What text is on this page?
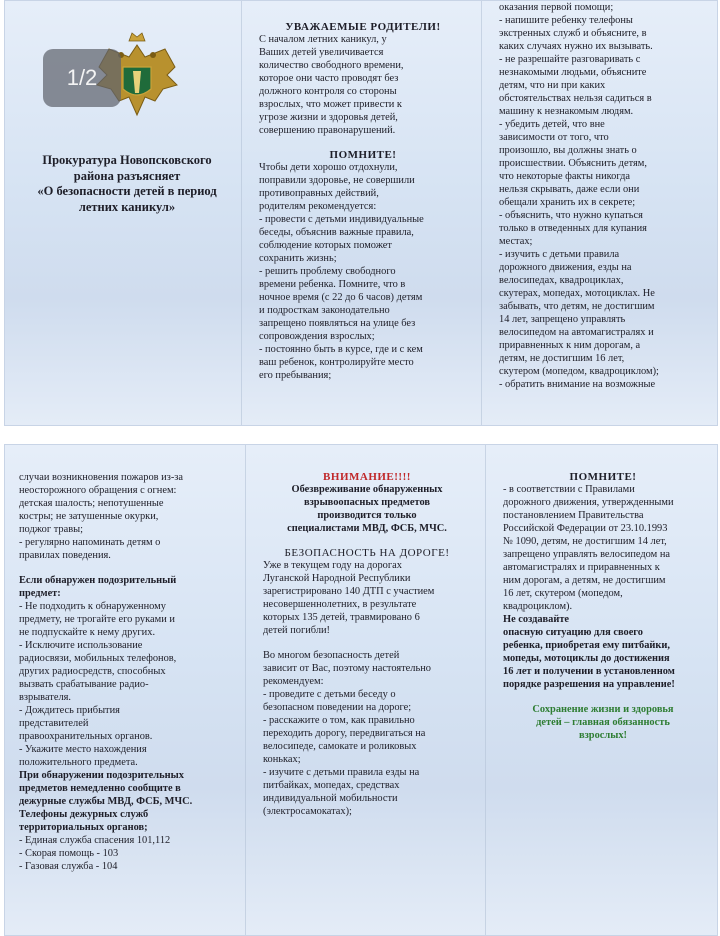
1/2
Прокуратура Новопсковского
района разъясняет
«О безопасности детей в период
летних каникул»
УВАЖАЕМЫЕ РОДИТЕЛИ!

С началом летних каникул, у

Ваших детей увеличивается

количество свободного времени,

которое они часто проводят без

должного контроля со стороны

взрослых, что может привести к

угрозе жизни и здоровья детей,

совершению правонарушений.

ПОМНИТЕ!

Чтобы дети хорошо отдохнули,

поправили здоровье, не совершили

противоправных действий,

родителям рекомендуется:

- провести с детьми индивидуальные

беседы, объяснив важные правила,

соблюдение которых поможет

сохранить жизнь;

- решить проблему свободного

времени ребенка. Помните, что в

ночное время (с 22 до 6 часов) детям

и подросткам законодательно

запрещено появляться на улице без

сопровождения взрослых;

- постоянно быть в курсе, где и с кем

ваш ребенок, контролируйте место

его пребывания;

оказания первой помощи;

- напишите ребенку телефоны

экстренных служб и объясните, в

каких случаях нужно их вызывать.

- не разрешайте разговаривать с

незнакомыми людьми, объясните

детям, что ни при каких

обстоятельствах нельзя садиться в

машину к незнакомым людям.

- убедить детей, что вне

зависимости от того, что

произошло, вы должны знать о

происшествии. Объяснить детям,

что некоторые факты никогда

нельзя скрывать, даже если они

обещали хранить их в секрете;

- объяснить, что нужно купаться

только в отведенных для купания

местах;

- изучить с детьми правила

дорожного движения, езды на

велосипедах, квадроциклах,

скутерах, мопедах, мотоциклах. Не

забывать, что детям, не достигшим

14 лет, запрещено управлять

велосипедом на автомагистралях и

приравненных к ним дорогам, а

детям, не достигшим 16 лет,

скутером (мопедом, квадроциклом);

- обратить внимание на возможные

случаи возникновения пожаров из-за

неосторожного обращения с огнем:

детская шалость; непотушенные

костры; не затушенные окурки,

поджог травы;

- регулярно напоминать детям о

правилах поведения.

Если обнаружен подозрительный

предмет:

- Не подходить к обнаруженному

предмету, не трогайте его руками и

не подпускайте к нему других.

- Исключите использование

радиосвязи, мобильных телефонов,

других радиосредств, способных

вызвать срабатывание радио-

взрывателя.

- Дождитесь прибытия

представителей

правоохранительных органов.

- Укажите место нахождения

положительного предмета.

При обнаружении подозрительных

предметов немедленно сообщите в

дежурные службы МВД, ФСБ, МЧС.

Телефоны дежурных служб

территориальных органов;

- Единая служба спасения 101,112

- Скорая помощь - 103

- Газовая служба - 104

ВНИМАНИЕ!!!!

Обезвреживание обнаруженных

взрывоопасных предметов

производится только

специалистами МВД, ФСБ, МЧС.

БЕЗОПАСНОСТЬ НА ДОРОГЕ!

Уже в текущем году на дорогах

Луганской Народной Республики

зарегистрировано 140 ДТП с участием

несовершеннолетних, в результате

которых 135 детей, травмировано 6

детей погибли!

Во многом безопасность детей

зависит от Вас, поэтому настоятельно

рекомендуем:

- проведите с детьми беседу о

безопасном поведении на дороге;

- расскажите о том, как правильно

переходить дорогу, передвигаться на

велосипеде, самокате и роликовых

коньках;

- изучите с детьми правила езды на

питбайках, мопедах, средствах

индивидуальной мобильности

(электросамокатах);

ПОМНИТЕ!

- в соответствии с Правилами

дорожного движения, утвержденными

постановлением Правительства

Российской Федерации от 23.10.1993

№ 1090, детям, не достигшим 14 лет,

запрещено управлять велосипедом на

автомагистралях и приравненных к

ним дорогам, а детям, не достигшим

16 лет, скутером (мопедом,

квадроциклом).

Не создавайте

опасную ситуацию для своего

ребенка, приобретая ему питбайки,

мопеды, мотоциклы до достижения

16 лет и получении в установленном

порядке разрешения на управление!

Сохранение жизни и здоровья

детей – главная обязанность

взрослых!
